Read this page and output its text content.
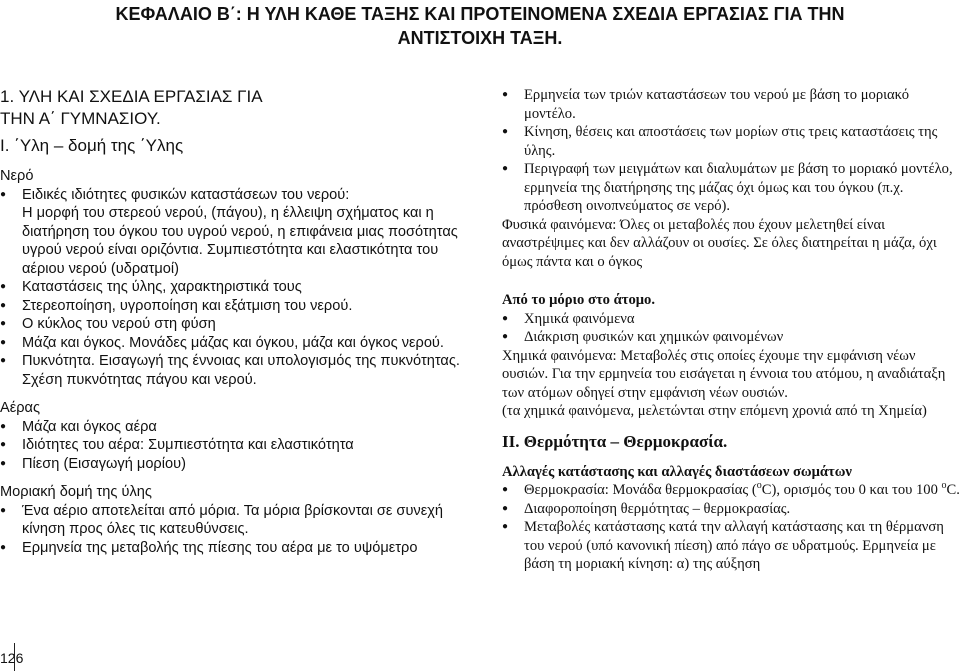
ΚΕΦΑΛΑΙΟ Β΄: Η ΥΛΗ ΚΑΘΕ ΤΑΞΗΣ ΚΑΙ ΠΡΟΤΕΙΝΟΜΕΝΑ ΣΧΕΔΙΑ ΕΡΓΑΣΙΑΣ ΓΙΑ ΤΗΝ
ΑΝΤΙΣΤΟΙΧΗ ΤΑΞΗ.
1. ΥΛΗ ΚΑΙ ΣΧΕΔΙΑ ΕΡΓΑΣΙΑΣ ΓΙΑ ΤΗΝ Α΄ ΓΥΜΝΑΣΙΟΥ.
Ι. ΄Υλη – δομή της ΄Υλης
Νερό
● Ειδικές ιδιότητες φυσικών καταστάσεων του νερού:
Η μορφή του στερεού νερού, (πάγου), η έλλειψη σχήματος και η διατήρηση του όγκου του υγρού νερού, η επιφάνεια μιας ποσότητας υγρού νερού είναι οριζόντια. Συμπιεστότητα και ελαστικότητα του αέριου νερού (υδρατμοί)
● Καταστάσεις της ύλης, χαρακτηριστικά τους
● Στερεοποίηση, υγροποίηση και εξάτμιση του νερού.
● Ο κύκλος του νερού στη φύση
● Μάζα και όγκος. Μονάδες μάζας και όγκου, μάζα και όγκος νερού.
● Πυκνότητα. Εισαγωγή της έννοιας και υπολογισμός της πυκνότητας. Σχέση πυκνότητας πάγου και νερού.
Αέρας
● Μάζα και όγκος αέρα
● Ιδιότητες του αέρα: Συμπιεστότητα και ελαστικότητα
● Πίεση (Εισαγωγή μορίου)
Μοριακή δομή της ύλης
● Ένα αέριο αποτελείται από μόρια. Τα μόρια βρίσκονται σε συνεχή κίνηση προς όλες τις κατευθύνσεις.
● Ερμηνεία της μεταβολής της πίεσης του αέρα με το υψόμετρο
● Ερμηνεία των τριών καταστάσεων του νερού με βάση το μοριακό μοντέλο.
● Κίνηση, θέσεις και αποστάσεις των μορίων στις τρεις καταστάσεις της ύλης.
● Περιγραφή των μειγμάτων και διαλυμάτων με βάση το μοριακό μοντέλο, ερμηνεία της διατήρησης της μάζας όχι όμως και του όγκου (π.χ. πρόσθεση οινοπνεύματος σε νερό).
Φυσικά φαινόμενα: Όλες οι μεταβολές που έχουν μελετηθεί είναι αναστρέψιμες και δεν αλλάζουν οι ουσίες. Σε όλες διατηρείται η μάζα, όχι όμως πάντα και ο όγκος
Από το μόριο στο άτομο.
● Χημικά φαινόμενα
● Διάκριση φυσικών και χημικών φαινομένων
Χημικά φαινόμενα: Μεταβολές στις οποίες έχουμε την εμφάνιση νέων ουσιών. Για την ερμηνεία του εισάγεται η έννοια του ατόμου, η αναδιάταξη των ατόμων οδηγεί στην εμφάνιση νέων ουσιών.
(τα χημικά φαινόμενα, μελετώνται στην επόμενη χρονιά από τη Χημεία)
ΙΙ. Θερμότητα – Θερμοκρασία.
Αλλαγές κατάστασης και αλλαγές διαστάσεων σωμάτων
● Θερμοκρασία: Μονάδα θερμοκρασίας ($^o$C), ορισμός του 0 και του 100 $^o$C.
● Διαφοροποίηση θερμότητας – θερμοκρασίας.
● Μεταβολές κατάστασης κατά την αλλαγή κατάστασης και τη θέρμανση του νερού (υπό κανονική πίεση) από πάγο σε υδρατμούς. Ερμηνεία με βάση τη μοριακή κίνηση: α) της αύξηση
126
